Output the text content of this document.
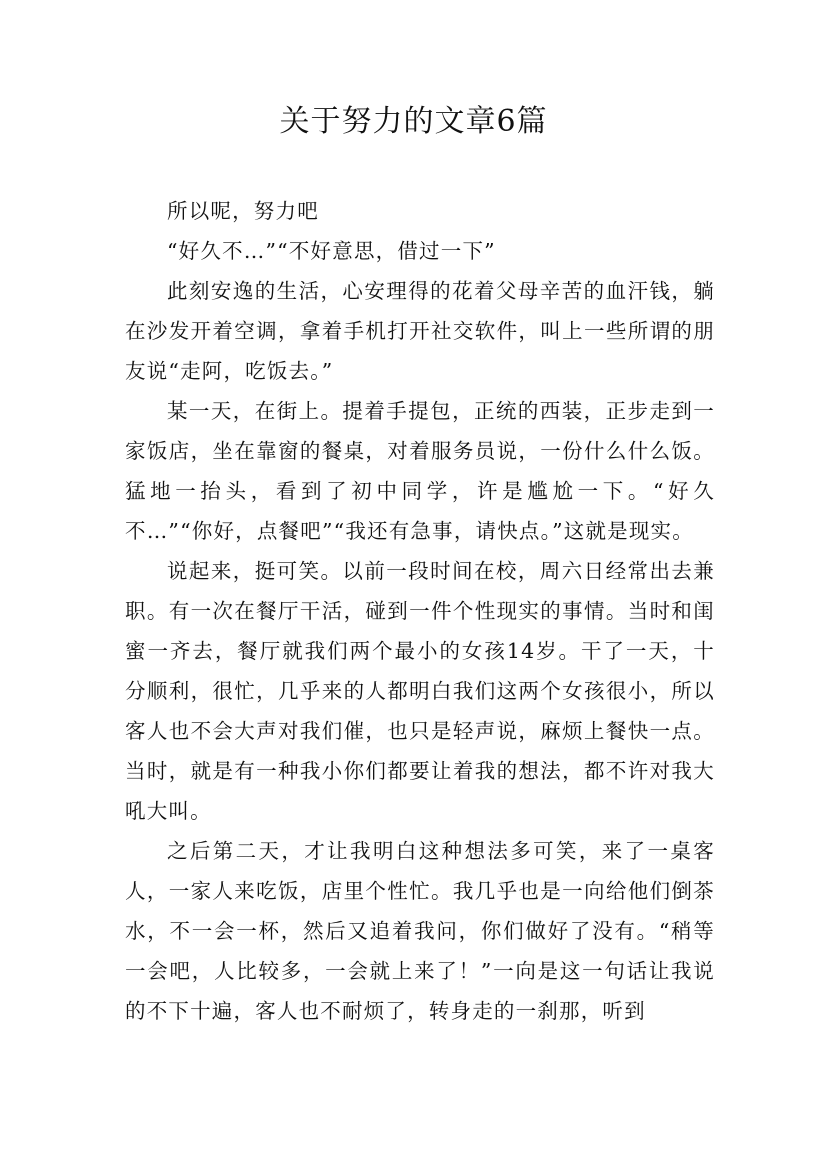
关于努力的文章6篇

所以呢，努力吧

“好久不…”“不好意思，借过一下”

此刻安逸的生活，心安理得的花着父母辛苦的血汗钱，躺在沙发开着空调，拿着手机打开社交软件，叫上一些所谓的朋友说“走阿，吃饭去。”

某一天，在街上。提着手提包，正统的西装，正步走到一家饭店，坐在靠窗的餐桌，对着服务员说，一份什么什么饭。猛地一抬头，看到了初中同学，许是尴尬一下。“好久不…”“你好，点餐吧”“我还有急事，请快点。”这就是现实。

说起来，挺可笑。以前一段时间在校，周六日经常出去兼职。有一次在餐厅干活，碰到一件个性现实的事情。当时和闺蜜一齐去，餐厅就我们两个最小的女孩14岁。干了一天，十分顺利，很忙，几乎来的人都明白我们这两个女孩很小，所以客人也不会大声对我们催，也只是轻声说，麻烦上餐快一点。当时，就是有一种我小你们都要让着我的想法，都不许对我大吼大叫。

之后第二天，才让我明白这种想法多可笑，来了一桌客人，一家人来吃饭，店里个性忙。我几乎也是一向给他们倒茶水，不一会一杯，然后又追着我问，你们做好了没有。“稍等一会吧，人比较多，一会就上来了！”一向是这一句话让我说的不下十遍，客人也不耐烦了，转身走的一刹那，听到
